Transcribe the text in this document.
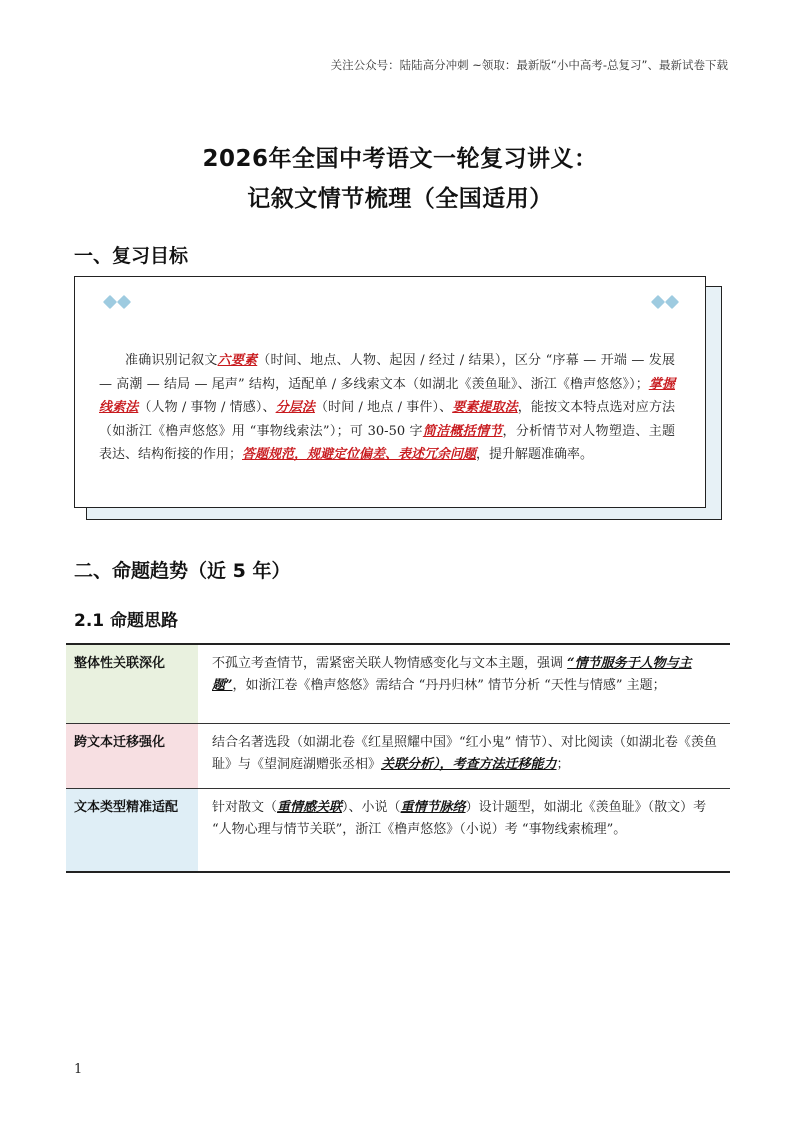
关注公众号：陆陆高分冲刺 ~领取：最新版“小中高考-总复习”、最新试卷下载
2026年全国中考语文一轮复习讲义：
记叙文情节梳理（全国适用）
一、复习目标
准确识别记叙文六要素（时间、地点、人物、起因 / 经过 / 结果），区分 “序幕 — 开端 — 发展 — 高潮 — 结局 — 尾声” 结构，适配单 / 多线索文本（如湖北《羡鱼耻》、浙江《橹声悠悠》）；掌握线索法（人物 / 事物 / 情感）、分层法（时间 / 地点 / 事件）、要素提取法，能按文本特点选对应方法（如浙江《橹声悠悠》用 “事物线索法”）；可 30-50 字简洁概括情节，分析情节对人物塑造、主题表达、结构衔接的作用；答题规范，规避定位偏差、表述冗余问题，提升解题准确率。
二、命题趋势（近 5 年）
2.1 命题思路
整体性关联深化	不孤立考查情节，需紧密关联人物情感变化与文本主题，强调 “情节服务于人物与主题”，如浙江卷《橹声悠悠》需结合 “丹丹归林” 情节分析 “天性与情感” 主题；
跨文本迁移强化	结合名著选段（如湖北卷《红星照耀中国》“红小鬼” 情节）、对比阅读（如湖北卷《羡鱼耻》与《望洞庭湖赠张丞相》关联分析），考查方法迁移能力；
文本类型精准适配	针对散文（重情感关联）、小说（重情节脉络）设计题型，如湖北《羡鱼耻》（散文）考 “人物心理与情节关联”，浙江《橹声悠悠》（小说）考 “事物线索梳理”。
1
